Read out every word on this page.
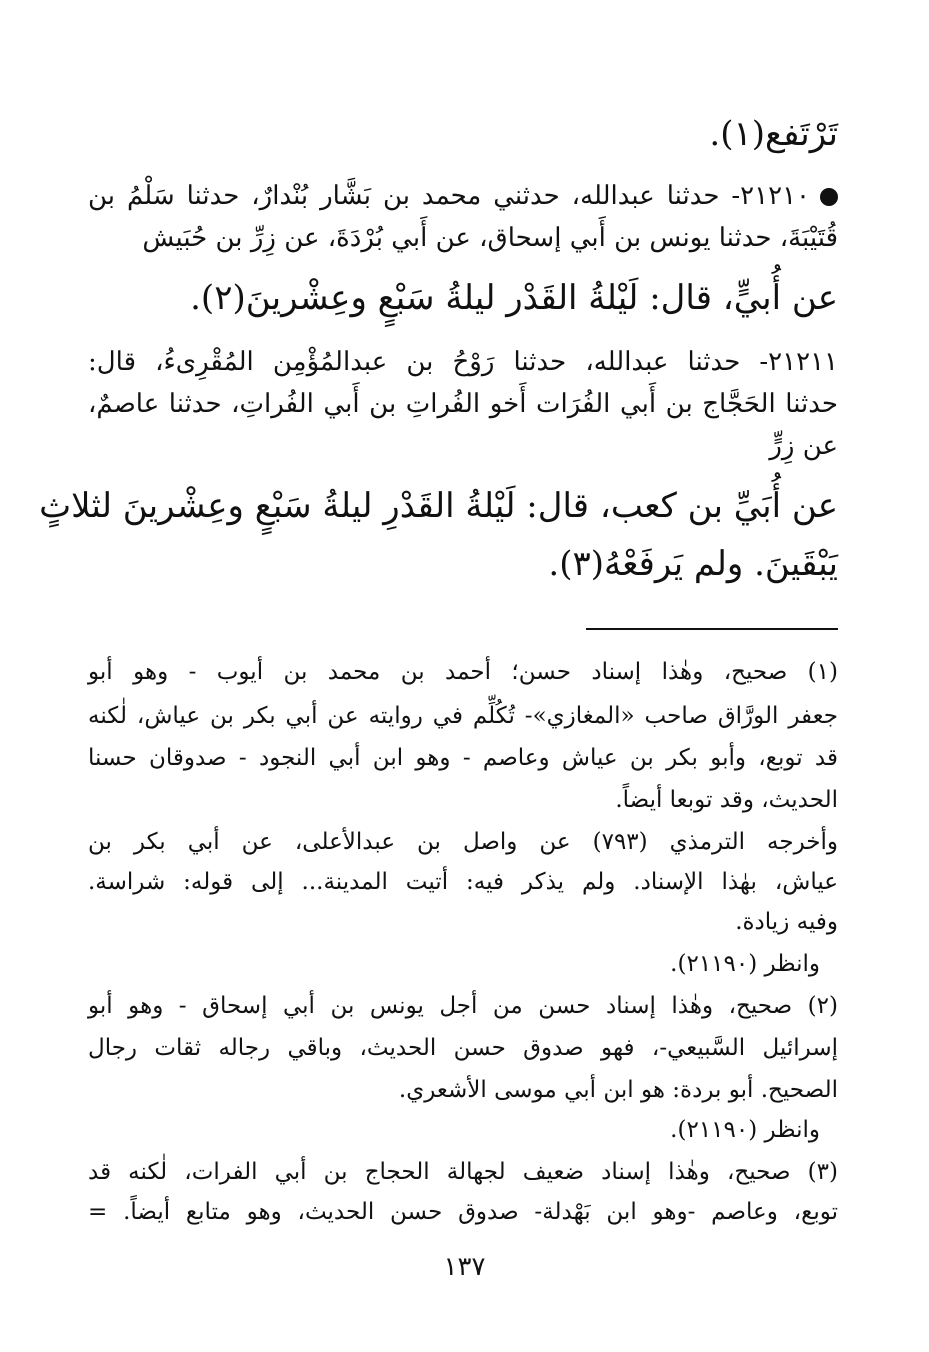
تَرْتَفع(١).
٢١٢١٠- حدثنا عبدالله، حدثني محمد بن بَشَّار بُنْدارٌ، حدثنا سَلْمُ بن
قُتَيْبَةَ، حدثنا يونس بن أَبي إسحاق، عن أَبي بُرْدَةَ، عن زِرِّ بن حُبَيش
عن أُبيٍّ، قال: لَيْلةُ القَدْر ليلةُ سَبْعٍ وعِشْرينَ(٢).
٢١٢١١- حدثنا عبدالله، حدثنا رَوْحُ بن عبدالمُؤْمِن المُقْرِىءُ، قال:
حدثنا الحَجَّاج بن أَبي الفُرَات أَخو الفُراتِ بن أَبي الفُراتِ، حدثنا عاصمٌ،
عن زِرٍّ
عن أُبَيِّ بن كعب، قال: لَيْلةُ القَدْرِ ليلةُ سَبْعٍ وعِشْرينَ لثلاثٍ
يَبْقَينَ. ولم يَرفَعْهُ(٣).
(١) صحيح، وهٰذا إسناد حسن؛ أحمد بن محمد بن أيوب - وهو أبو
جعفر الورَّاق صاحب «المغازي»- تُكُلِّم في روايته عن أبي بكر بن عياش، لٰكنه
قد توبع، وأبو بكر بن عياش وعاصم - وهو ابن أبي النجود - صدوقان حسنا
الحديث، وقد توبعا أيضاً.
وأخرجه الترمذي (٧٩٣) عن واصل بن عبدالأعلى، عن أبي بكر بن
عياش، بهٰذا الإسناد. ولم يذكر فيه: أتيت المدينة... إلى قوله: شراسة.
وفيه زيادة.
وانظر (٢١١٩٠).
(٢) صحيح، وهٰذا إسناد حسن من أجل يونس بن أبي إسحاق - وهو أبو
إسرائيل السَّبيعي-، فهو صدوق حسن الحديث، وباقي رجاله ثقات رجال
الصحيح. أبو بردة: هو ابن أبي موسى الأشعري.
وانظر (٢١١٩٠).
(٣) صحيح، وهٰذا إسناد ضعيف لجهالة الحجاج بن أبي الفرات، لٰكنه قد
توبع، وعاصم -وهو ابن بَهْدلة- صدوق حسن الحديث، وهو متابع أيضاً. =
١٣٧
